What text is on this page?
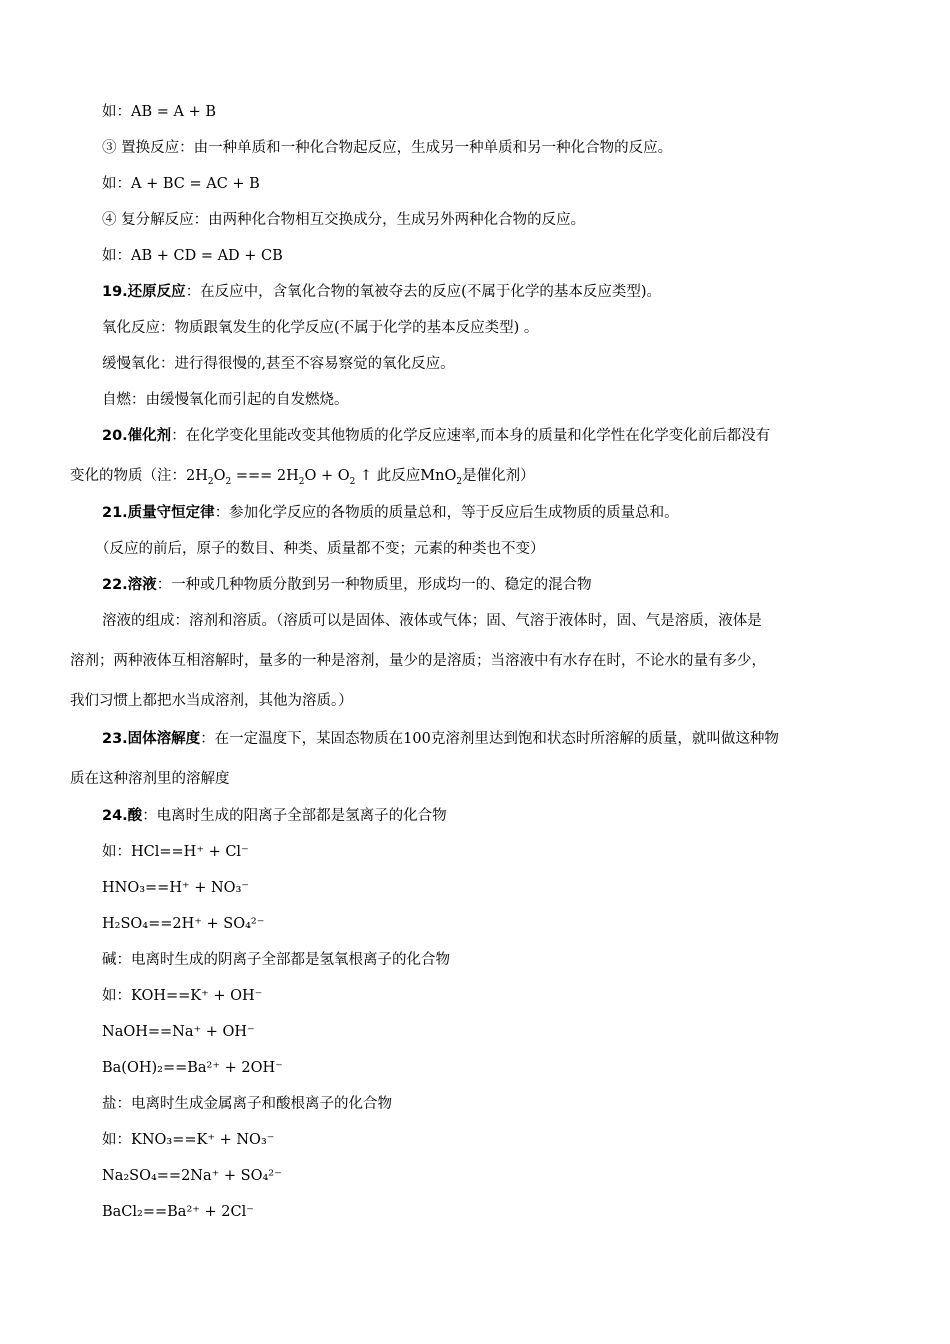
如：AB = A + B
③ 置换反应：由一种单质和一种化合物起反应，生成另一种单质和另一种化合物的反应。
如：A + BC = AC + B
④ 复分解反应：由两种化合物相互交换成分，生成另外两种化合物的反应。
如：AB + CD = AD + CB
19.还原反应：在反应中，含氧化合物的氧被夺去的反应(不属于化学的基本反应类型)。
氧化反应：物质跟氧发生的化学反应(不属于化学的基本反应类型) 。
缓慢氧化：进行得很慢的,甚至不容易察觉的氧化反应。
自燃：由缓慢氧化而引起的自发燃烧。
20.催化剂：在化学变化里能改变其他物质的化学反应速率,而本身的质量和化学性在化学变化前后都没有
变化的物质（注：$2H_2O_2$ === $2H_2O + O_2$ ↑ 此反应MnO$_2$是催化剂）
21.质量守恒定律：参加化学反应的各物质的质量总和，等于反应后生成物质的质量总和。
（反应的前后，原子的数目、种类、质量都不变；元素的种类也不变）
22.溶液：一种或几种物质分散到另一种物质里，形成均一的、稳定的混合物
溶液的组成：溶剂和溶质。（溶质可以是固体、液体或气体；固、气溶于液体时，固、气是溶质，液体是
溶剂；两种液体互相溶解时，量多的一种是溶剂，量少的是溶质；当溶液中有水存在时，不论水的量有多少，
我们习惯上都把水当成溶剂，其他为溶质。）
23.固体溶解度：在一定温度下，某固态物质在100克溶剂里达到饱和状态时所溶解的质量，就叫做这种物
质在这种溶剂里的溶解度
24.酸：电离时生成的阳离子全部都是氢离子的化合物
如：HCl==H⁺ + Cl⁻
HNO₃==H⁺ + NO₃⁻
H₂SO₄==2H⁺ + SO₄²⁻
碱：电离时生成的阴离子全部都是氢氧根离子的化合物
如：KOH==K⁺ + OH⁻
NaOH==Na⁺ + OH⁻
Ba(OH)₂==Ba²⁺ + 2OH⁻
盐：电离时生成金属离子和酸根离子的化合物
如：KNO₃==K⁺ + NO₃⁻
Na₂SO₄==2Na⁺ + SO₄²⁻
BaCl₂==Ba²⁺ + 2Cl⁻
